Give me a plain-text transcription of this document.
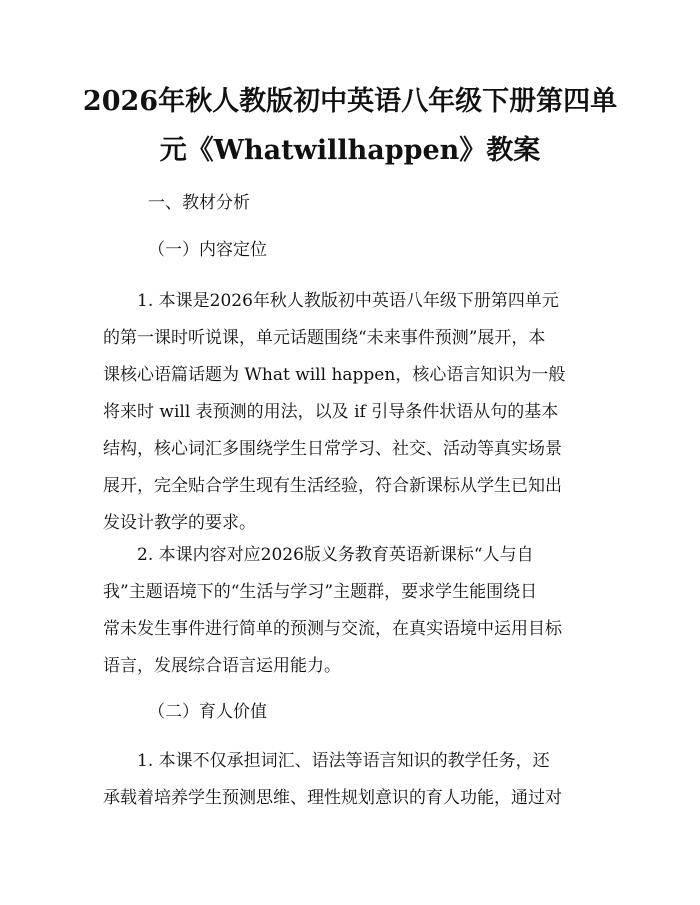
2026年秋人教版初中英语八年级下册第四单
元《Whatwillhappen》教案
一、教材分析
（一）内容定位
1. 本课是2026年秋人教版初中英语八年级下册第四单元
的第一课时听说课，单元话题围绕“未来事件预测”展开，本
课核心语篇话题为 What will happen，核心语言知识为一般
将来时 will 表预测的用法，以及 if 引导条件状语从句的基本
结构，核心词汇多围绕学生日常学习、社交、活动等真实场景
展开，完全贴合学生现有生活经验，符合新课标从学生已知出
发设计教学的要求。
2. 本课内容对应2026版义务教育英语新课标“人与自
我”主题语境下的“生活与学习”主题群，要求学生能围绕日
常未发生事件进行简单的预测与交流，在真实语境中运用目标
语言，发展综合语言运用能力。
（二）育人价值
1. 本课不仅承担词汇、语法等语言知识的教学任务，还
承载着培养学生预测思维、理性规划意识的育人功能，通过对
